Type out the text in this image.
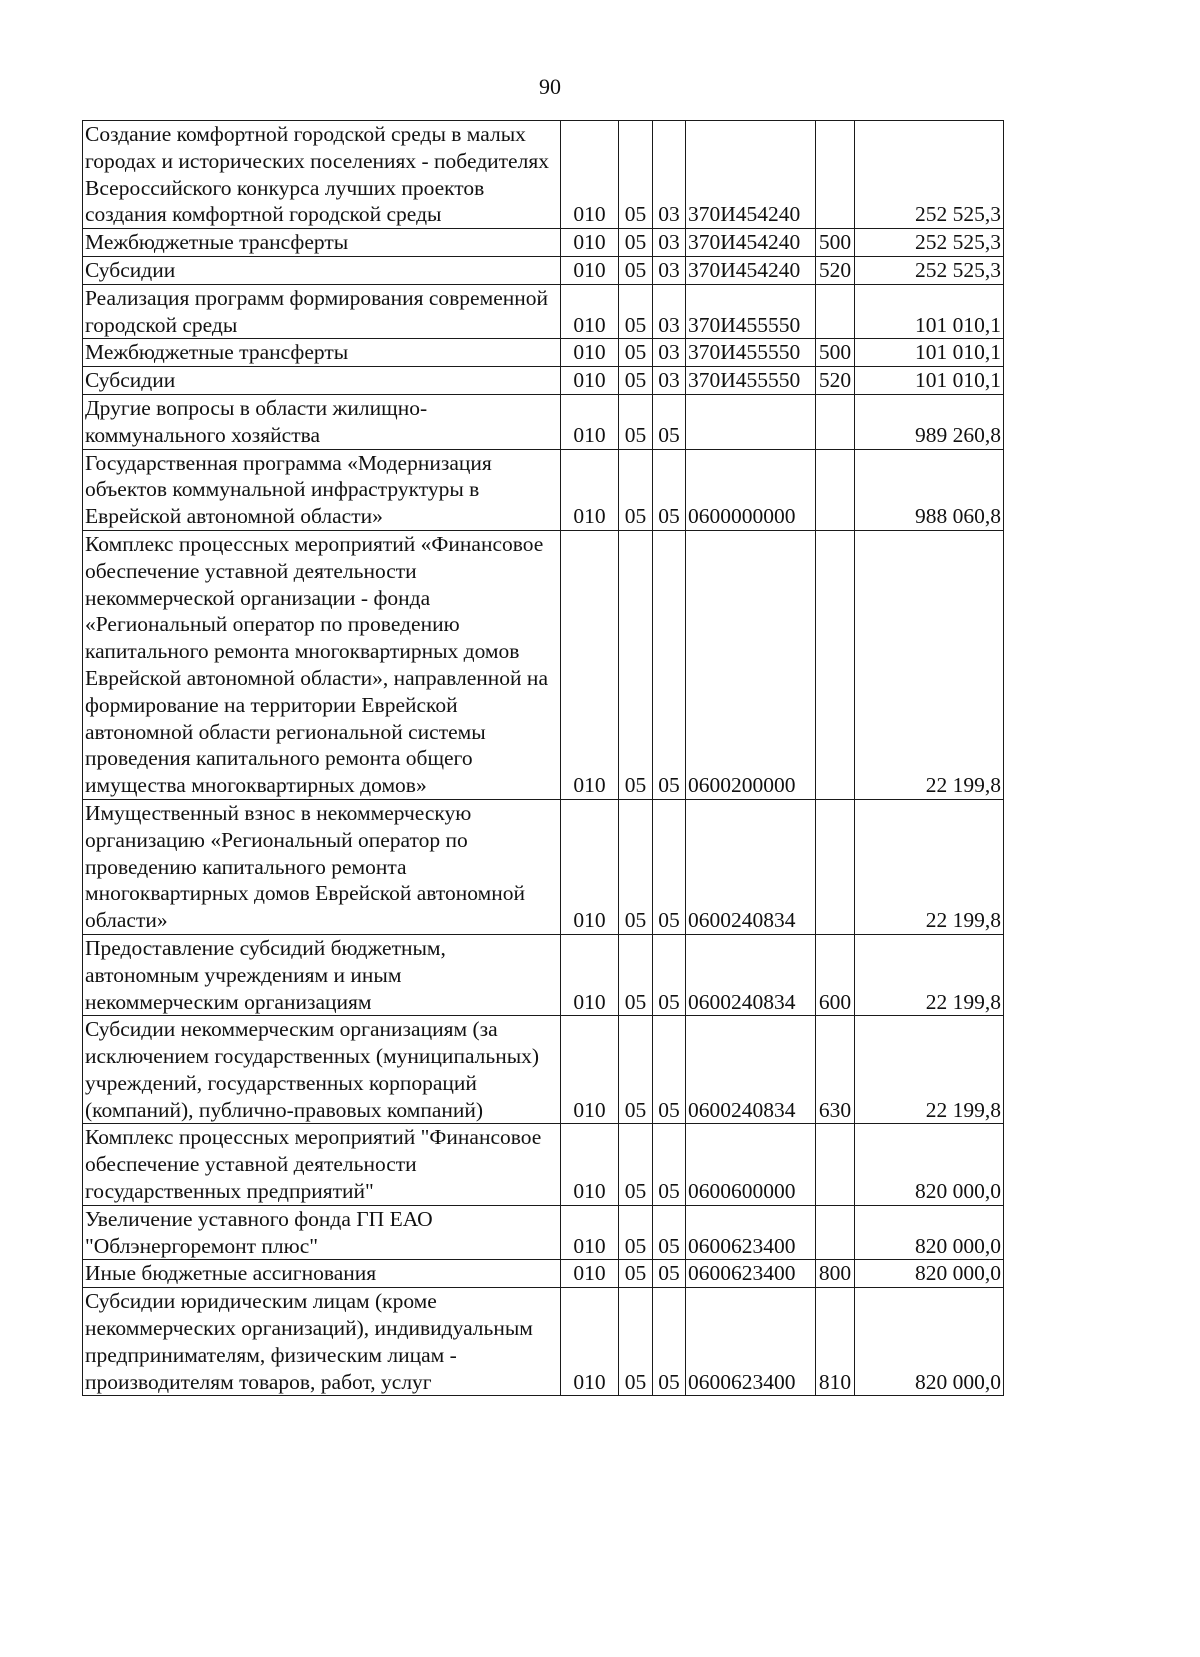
90
Создание комфортной городской среды в малых городах и исторических поселениях - победителях Всероссийского конкурса лучших проектов создания комфортной городской среды	010	05	03	370И454240		252 525,3
Межбюджетные трансферты	010	05	03	370И454240	500	252 525,3
Субсидии	010	05	03	370И454240	520	252 525,3
Реализация программ формирования современной городской среды	010	05	03	370И455550		101 010,1
Межбюджетные трансферты	010	05	03	370И455550	500	101 010,1
Субсидии	010	05	03	370И455550	520	101 010,1
Другие вопросы в области жилищно-коммунального хозяйства	010	05	05			989 260,8
Государственная программа «Модернизация объектов коммунальной инфраструктуры в Еврейской автономной области»	010	05	05	0600000000		988 060,8
Комплекс процессных мероприятий «Финансовое обеспечение уставной деятельности некоммерческой организации - фонда «Региональный оператор по проведению капитального ремонта многоквартирных домов Еврейской автономной области», направленной на формирование на территории Еврейской автономной области региональной системы проведения капитального ремонта общего имущества многоквартирных домов»	010	05	05	0600200000		22 199,8
Имущественный взнос в некоммерческую организацию «Региональный оператор по проведению капитального ремонта многоквартирных домов Еврейской автономной области»	010	05	05	0600240834		22 199,8
Предоставление субсидий бюджетным, автономным учреждениям и иным некоммерческим организациям	010	05	05	0600240834	600	22 199,8
Субсидии некоммерческим организациям (за исключением государственных (муниципальных) учреждений, государственных корпораций (компаний), публично-правовых компаний)	010	05	05	0600240834	630	22 199,8
Комплекс процессных мероприятий "Финансовое обеспечение уставной деятельности государственных предприятий"	010	05	05	0600600000		820 000,0
Увеличение уставного фонда ГП ЕАО "Облэнергоремонт плюс"	010	05	05	0600623400		820 000,0
Иные бюджетные ассигнования	010	05	05	0600623400	800	820 000,0
Субсидии юридическим лицам (кроме некоммерческих организаций), индивидуальным предпринимателям, физическим лицам - производителям товаров, работ, услуг	010	05	05	0600623400	810	820 000,0
